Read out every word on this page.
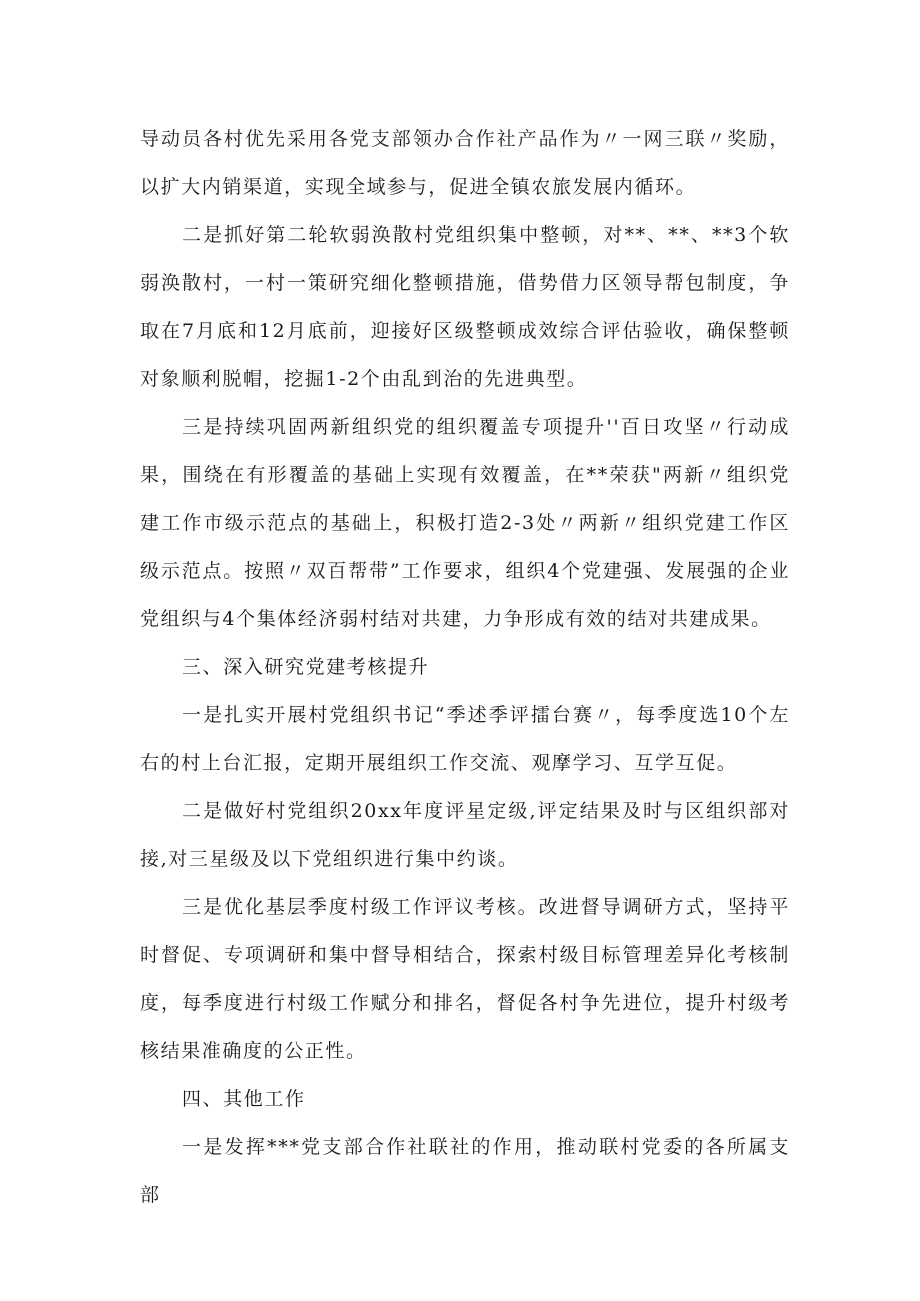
导动员各村优先采用各党支部领办合作社产品作为〃一网三联〃奖励，以扩大内销渠道，实现全域参与，促进全镇农旅发展内循环。

二是抓好第二轮软弱涣散村党组织集中整顿，对**、**、**3个软弱涣散村，一村一策研究细化整顿措施，借势借力区领导帮包制度，争取在7月底和12月底前，迎接好区级整顿成效综合评估验收，确保整顿对象顺利脱帽，挖掘1-2个由乱到治的先进典型。

三是持续巩固两新组织党的组织覆盖专项提升''百日攻坚〃行动成果，围绕在有形覆盖的基础上实现有效覆盖，在**荣获"两新〃组织党建工作市级示范点的基础上，积极打造2-3处〃两新〃组织党建工作区级示范点。按照〃双百帮带”工作要求，组织4个党建强、发展强的企业党组织与4个集体经济弱村结对共建，力争形成有效的结对共建成果。

三、深入研究党建考核提升

一是扎实开展村党组织书记“季述季评擂台赛〃，每季度选10个左右的村上台汇报，定期开展组织工作交流、观摩学习、互学互促。

二是做好村党组织20xx年度评星定级,评定结果及时与区组织部对接,对三星级及以下党组织进行集中约谈。

三是优化基层季度村级工作评议考核。改进督导调研方式，坚持平时督促、专项调研和集中督导相结合，探索村级目标管理差异化考核制度，每季度进行村级工作赋分和排名，督促各村争先进位，提升村级考核结果准确度的公正性。

四、其他工作

一是发挥***党支部合作社联社的作用，推动联村党委的各所属支部
